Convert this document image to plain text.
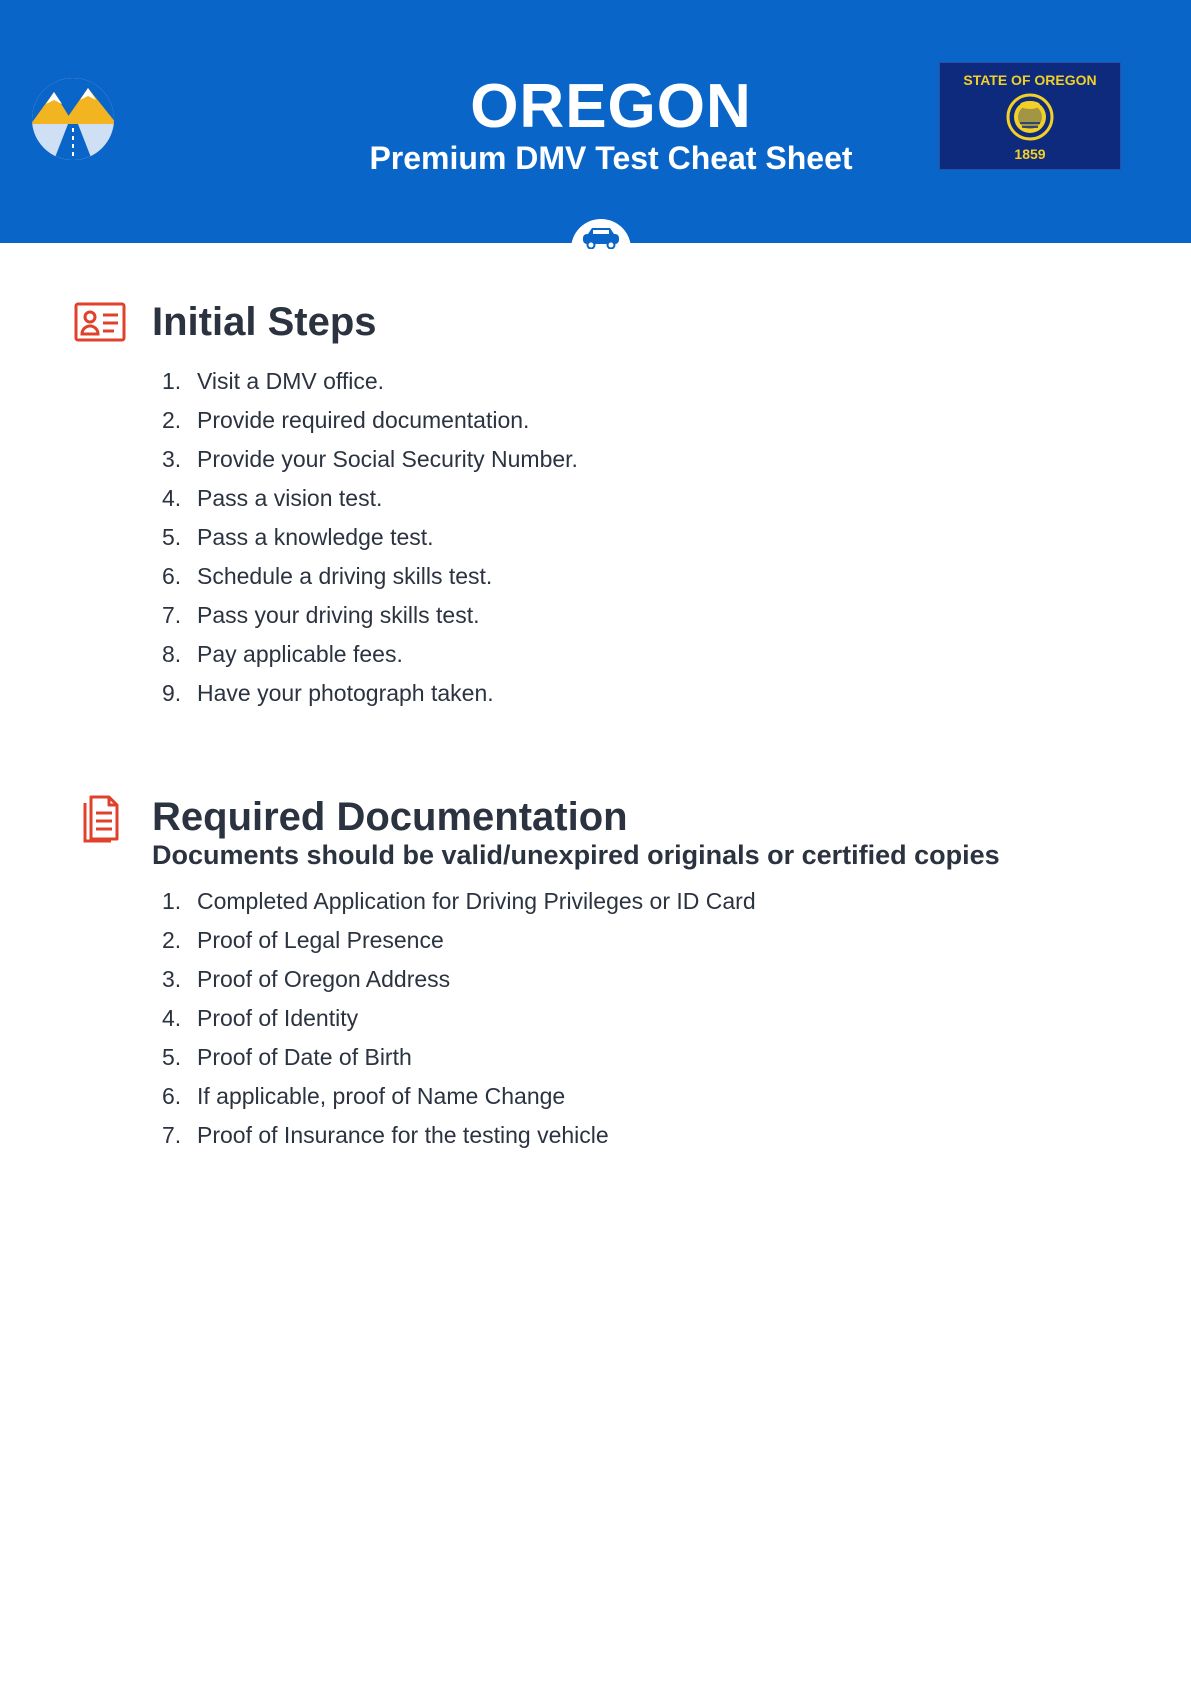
OREGON
Premium DMV Test Cheat Sheet
STATE OF OREGON
1859
Initial Steps
1. Visit a DMV office.
2. Provide required documentation.
3. Provide your Social Security Number.
4. Pass a vision test.
5. Pass a knowledge test.
6. Schedule a driving skills test.
7. Pass your driving skills test.
8. Pay applicable fees.
9. Have your photograph taken.
Required Documentation
Documents should be valid/unexpired originals or certified copies
1. Completed Application for Driving Privileges or ID Card
2. Proof of Legal Presence
3. Proof of Oregon Address
4. Proof of Identity
5. Proof of Date of Birth
6. If applicable, proof of Name Change
7. Proof of Insurance for the testing vehicle
